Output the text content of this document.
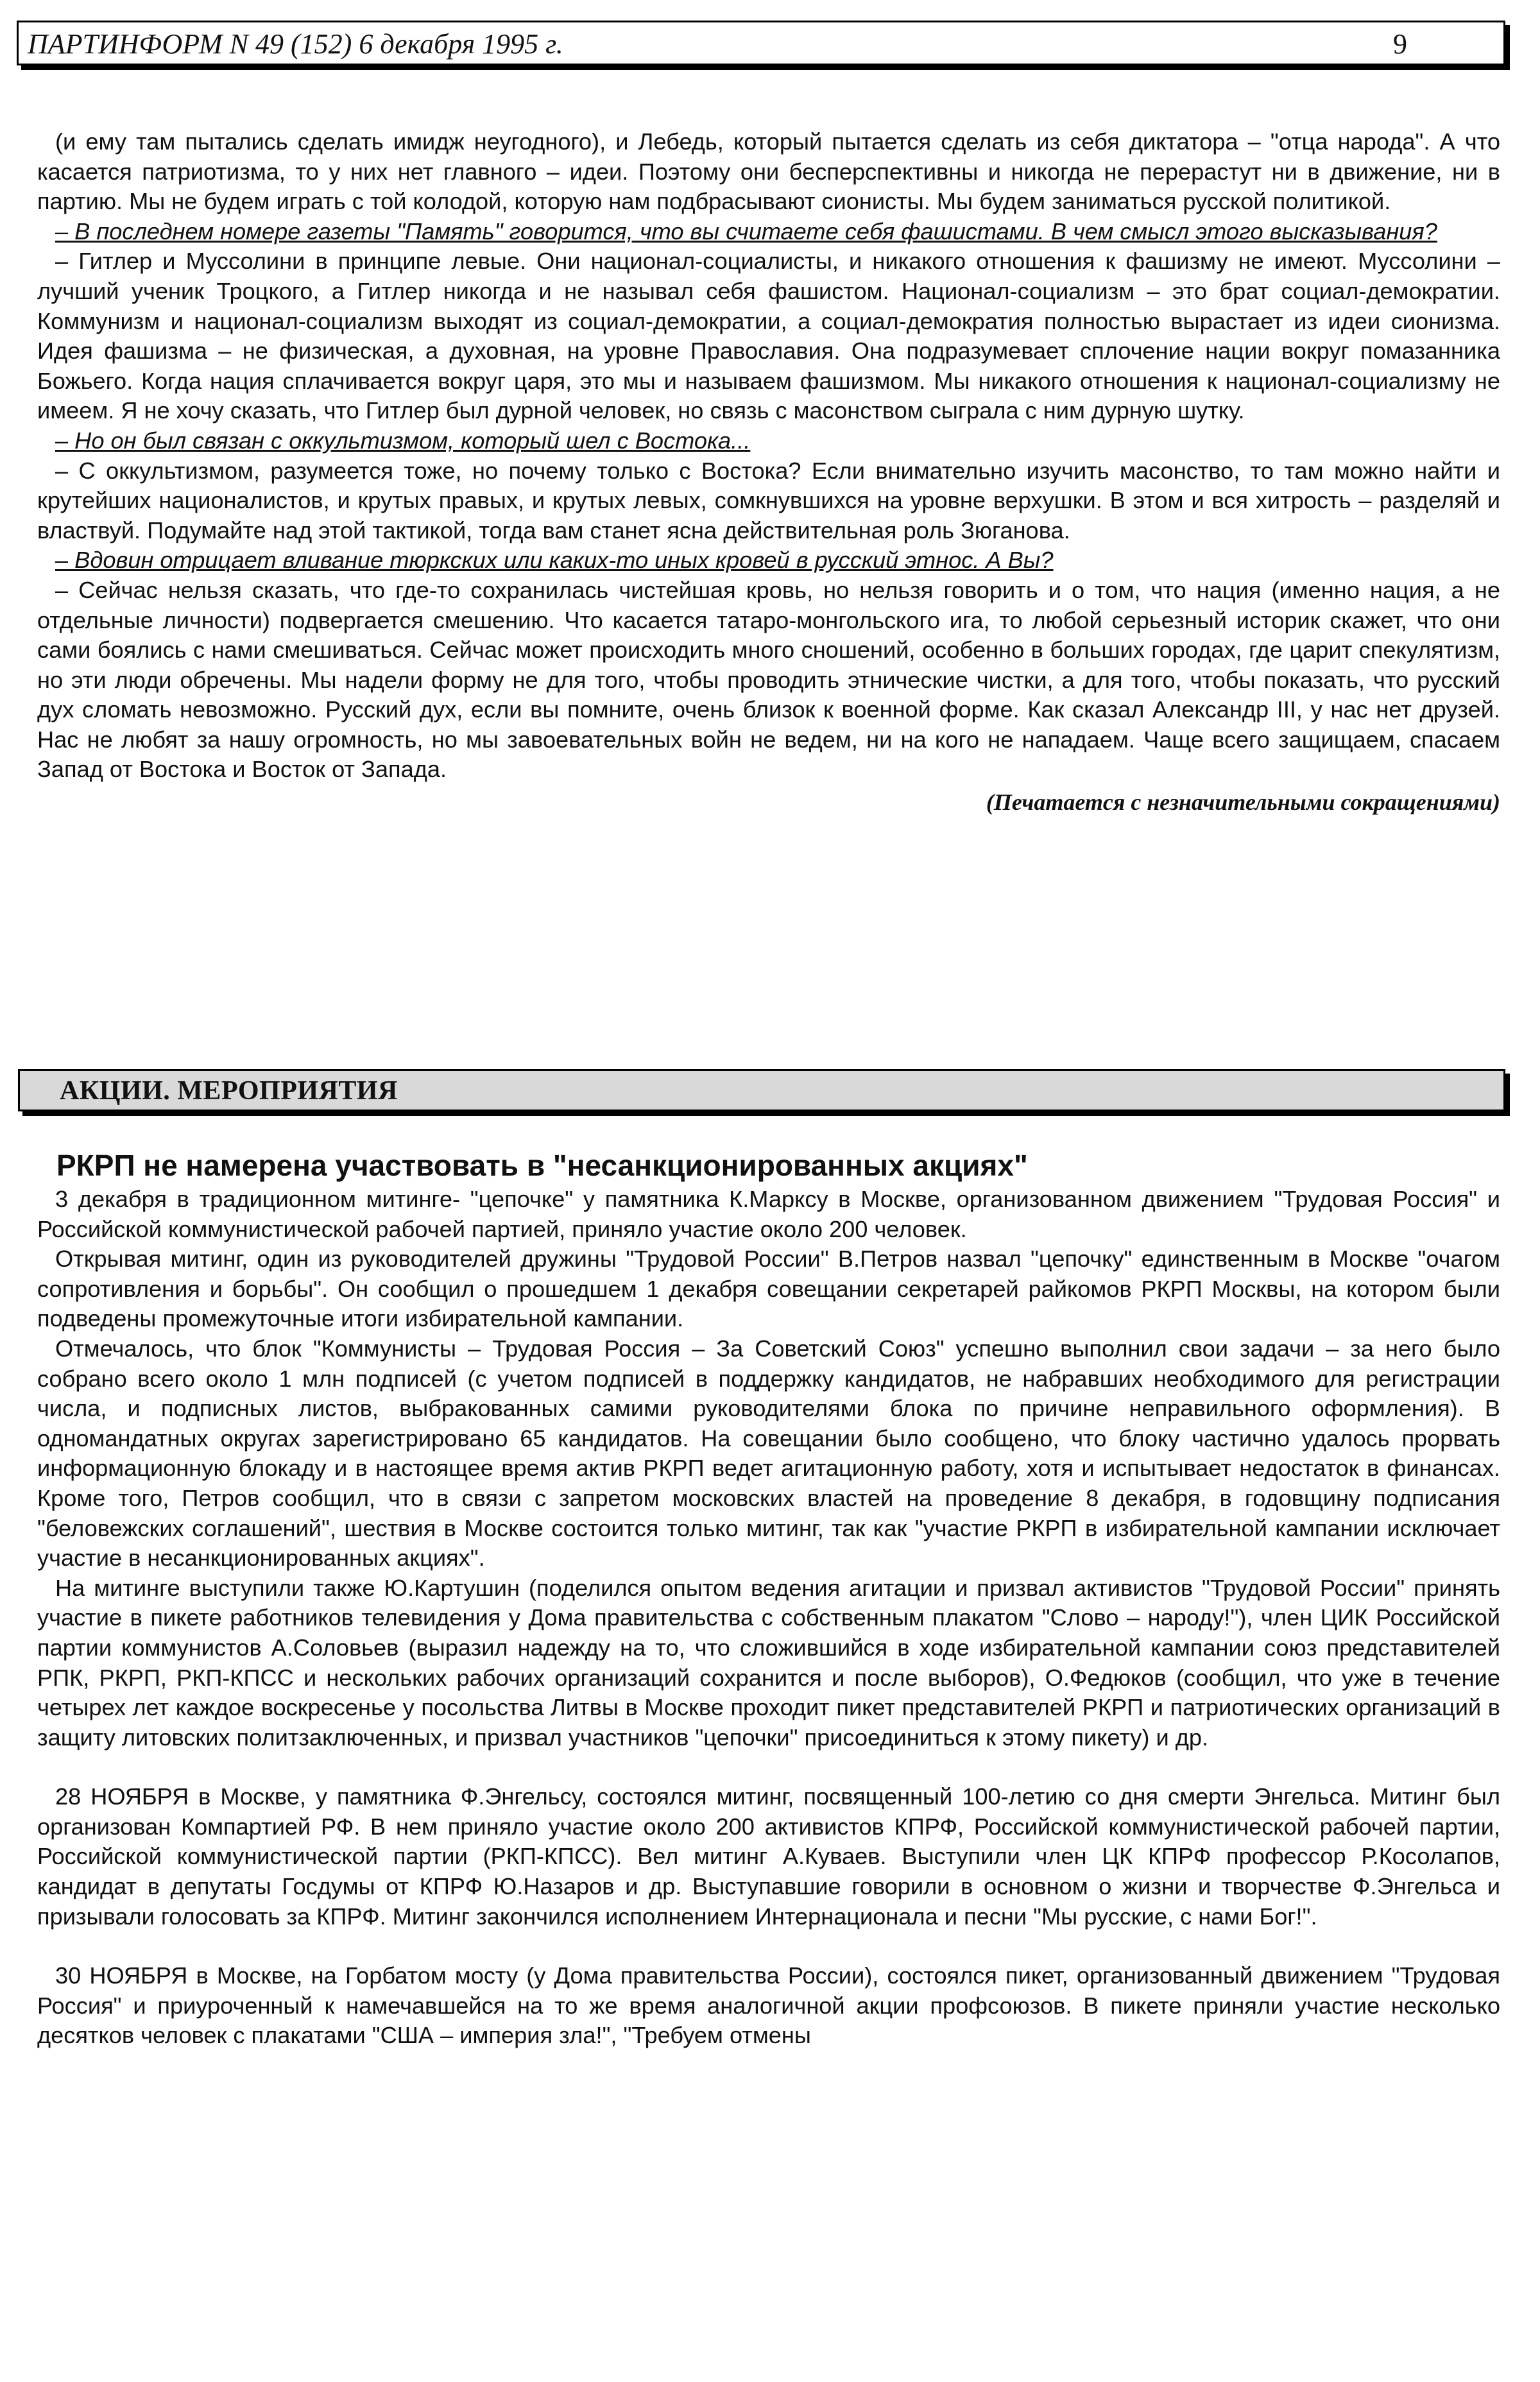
ПАРТИНФОРМ N 49 (152) 6 декабря 1995 г.	9

(и ему там пытались сделать имидж неугодного), и Лебедь, который пытается сделать из себя диктатора – "отца народа". А что касается патриотизма, то у них нет главного – идеи. Поэтому они бесперспективны и никогда не перерастут ни в движение, ни в партию. Мы не будем играть с той колодой, которую нам подбрасывают сионисты. Мы будем заниматься русской политикой.

– В последнем номере газеты "Память" говорится, что вы считаете себя фашистами. В чем смысл этого высказывания?

– Гитлер и Муссолини в принципе левые. Они национал-социалисты, и никакого отношения к фашизму не имеют. Муссолини – лучший ученик Троцкого, а Гитлер никогда и не называл себя фашистом. Национал-социализм – это брат социал-демократии. Коммунизм и национал-социализм выходят из социал-демократии, а социал-демократия полностью вырастает из идеи сионизма. Идея фашизма – не физическая, а духовная, на уровне Православия. Она подразумевает сплочение нации вокруг помазанника Божьего. Когда нация сплачивается вокруг царя, это мы и называем фашизмом. Мы никакого отношения к национал-социализму не имеем. Я не хочу сказать, что Гитлер был дурной человек, но связь с масонством сыграла с ним дурную шутку.

– Но он был связан с оккультизмом, который шел с Востока...

– С оккультизмом, разумеется тоже, но почему только с Востока? Если внимательно изучить масонство, то там можно найти и крутейших националистов, и крутых правых, и крутых левых, сомкнувшихся на уровне верхушки. В этом и вся хитрость – разделяй и властвуй. Подумайте над этой тактикой, тогда вам станет ясна действительная роль Зюганова.

– Вдовин отрицает вливание тюркских или каких-то иных кровей в русский этнос. А Вы?

– Сейчас нельзя сказать, что где-то сохранилась чистейшая кровь, но нельзя говорить и о том, что нация (именно нация, а не отдельные личности) подвергается смешению. Что касается татаро-монгольского ига, то любой серьезный историк скажет, что они сами боялись с нами смешиваться. Сейчас может происходить много сношений, особенно в больших городах, где царит спекулятизм, но эти люди обречены. Мы надели форму не для того, чтобы проводить этнические чистки, а для того, чтобы показать, что русский дух сломать невозможно. Русский дух, если вы помните, очень близок к военной форме. Как сказал Александр III, у нас нет друзей. Нас не любят за нашу огромность, но мы завоевательных войн не ведем, ни на кого не нападаем. Чаще всего защищаем, спасаем Запад от Востока и Восток от Запада.

(Печатается с незначительными сокращениями)

АКЦИИ. МЕРОПРИЯТИЯ
РКРП не намерена участвовать в "несанкционированных акциях"

3 декабря в традиционном митинге- "цепочке" у памятника К.Марксу в Москве, организованном движением "Трудовая Россия" и Российской коммунистической рабочей партией, приняло участие около 200 человек.

Открывая митинг, один из руководителей дружины "Трудовой России" В.Петров назвал "цепочку" единственным в Москве "очагом сопротивления и борьбы". Он сообщил о прошедшем 1 декабря совещании секретарей райкомов РКРП Москвы, на котором были подведены промежуточные итоги избирательной кампании.

Отмечалось, что блок "Коммунисты – Трудовая Россия – За Советский Союз" успешно выполнил свои задачи – за него было собрано всего около 1 млн подписей (с учетом подписей в поддержку кандидатов, не набравших необходимого для регистрации числа, и подписных листов, выбракованных самими руководителями блока по причине неправильного оформления). В одномандатных округах зарегистрировано 65 кандидатов. На совещании было сообщено, что блоку частично удалось прорвать информационную блокаду и в настоящее время актив РКРП ведет агитационную работу, хотя и испытывает недостаток в финансах. Кроме того, Петров сообщил, что в связи с запретом московских властей на проведение 8 декабря, в годовщину подписания "беловежских соглашений", шествия в Москве состоится только митинг, так как "участие РКРП в избирательной кампании исключает участие в несанкционированных акциях".

На митинге выступили также Ю.Картушин (поделился опытом ведения агитации и призвал активистов "Трудовой России" принять участие в пикете работников телевидения у Дома правительства с собственным плакатом "Слово – народу!"), член ЦИК Российской партии коммунистов А.Соловьев (выразил надежду на то, что сложившийся в ходе избирательной кампании союз представителей РПК, РКРП, РКП-КПСС и нескольких рабочих организаций сохранится и после выборов), О.Федюков (сообщил, что уже в течение четырех лет каждое воскресенье у посольства Литвы в Москве проходит пикет представителей РКРП и патриотических организаций в защиту литовских политзаключенных, и призвал участников "цепочки" присоединиться к этому пикету) и др.

28 НОЯБРЯ в Москве, у памятника Ф.Энгельсу, состоялся митинг, посвященный 100-летию со дня смерти Энгельса. Митинг был организован Компартией РФ. В нем приняло участие около 200 активистов КПРФ, Российской коммунистической рабочей партии, Российской коммунистической партии (РКП-КПСС). Вел митинг А.Куваев. Выступили член ЦК КПРФ профессор Р.Косолапов, кандидат в депутаты Госдумы от КПРФ Ю.Назаров и др. Выступавшие говорили в основном о жизни и творчестве Ф.Энгельса и призывали голосовать за КПРФ. Митинг закончился исполнением Интернационала и песни "Мы русские, с нами Бог!".

30 НОЯБРЯ в Москве, на Горбатом мосту (у Дома правительства России), состоялся пикет, организованный движением "Трудовая Россия" и приуроченный к намечавшейся на то же время аналогичной акции профсоюзов. В пикете приняли участие несколько десятков человек с плакатами "США – империя зла!", "Требуем отмены
